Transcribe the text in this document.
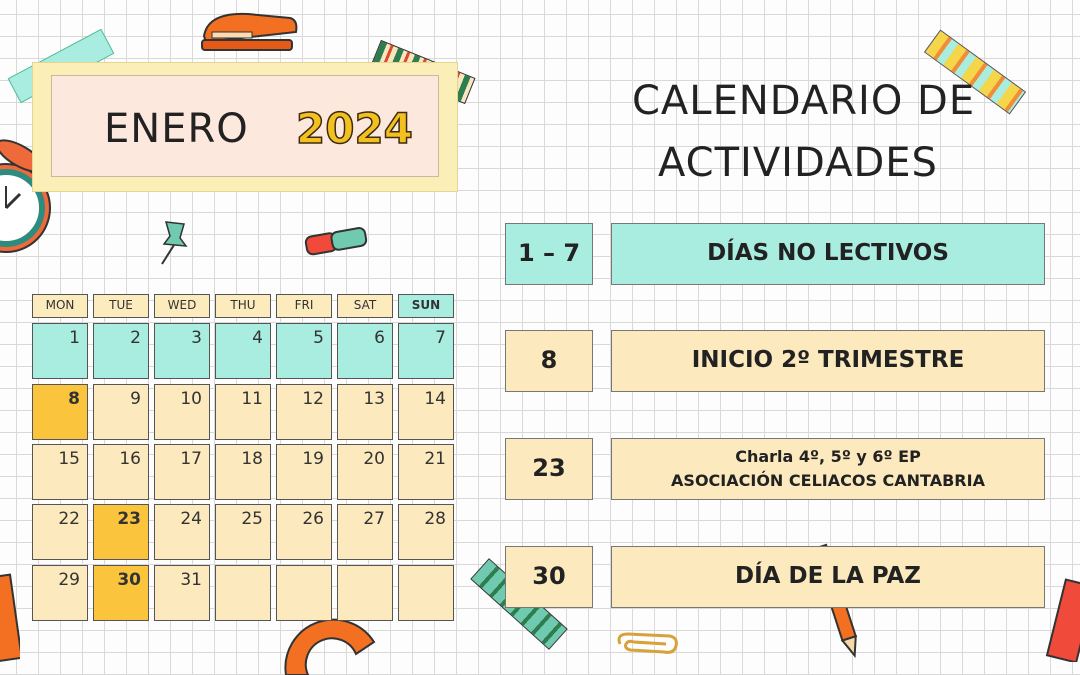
ENERO 2024
MON	TUE	WED	THU	FRI	SAT	SUN
1	2	3	4	5	6	7
8	9	10	11	12	13	14
15	16	17	18	19	20	21
22	23	24	25	26	27	28
29	30	31
CALENDARIO DE
ACTIVIDADES
1 – 7	DÍAS NO LECTIVOS
8	INICIO 2º TRIMESTRE
23	Charla 4º, 5º y 6º EP
ASOCIACIÓN CELIACOS CANTABRIA
30	DÍA DE LA PAZ
